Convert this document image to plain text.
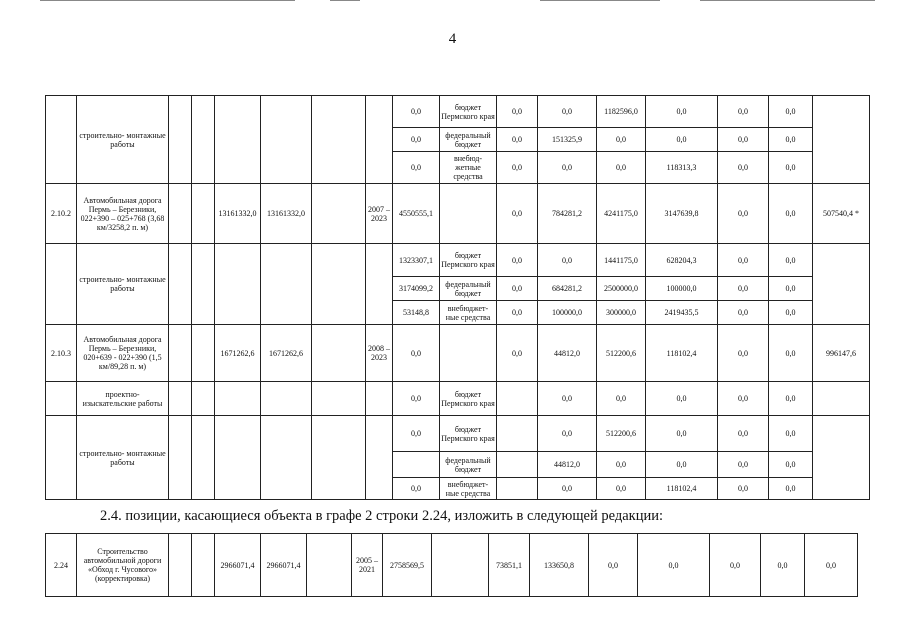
4
	строительно- монтажные работы							0,0	бюджет Пермского края	0,0	0,0	1182596,0	0,0	0,0	0,0	
								0,0	федеральный бюджет	0,0	151325,9	0,0	0,0	0,0	0,0	
								0,0	внебюд- жетные средства	0,0	0,0	0,0	118313,3	0,0	0,0	
2.10.2	Автомобильная дорога Пермь – Березники, 022+390 – 025+768 (3,68 км/3258,2 п. м)			13161332,0	13161332,0		2007 – 2023	4550555,1		0,0	784281,2	4241175,0	3147639,8	0,0	0,0	507540,4 *
	строительно- монтажные работы							1323307,1	бюджет Пермского края	0,0	0,0	1441175,0	628204,3	0,0	0,0	
								3174099,2	федеральный бюджет	0,0	684281,2	2500000,0	100000,0	0,0	0,0	
								53148,8	внебюджет- ные средства	0,0	100000,0	300000,0	2419435,5	0,0	0,0	
2.10.3	Автомобильная дорога Пермь – Березники, 020+639 - 022+390 (1,5 км/89,28 п. м)			1671262,6	1671262,6		2008 – 2023	0,0		0,0	44812,0	512200,6	118102,4	0,0	0,0	996147,6
	проектно- изыскательские работы							0,0	бюджет Пермского края		0,0	0,0	0,0	0,0	0,0	
	строительно- монтажные работы							0,0	бюджет Пермского края		0,0	512200,6	0,0	0,0	0,0	
									федеральный бюджет		44812,0	0,0	0,0	0,0	0,0	
								0,0	внебюджет- ные средства		0,0	0,0	118102,4	0,0	0,0	
2.4. позиции, касающиеся объекта в графе 2 строки 2.24, изложить в следующей редакции:
2.24	Строительство автомобильной дороги «Обход г. Чусового» (корректировка)			2966071,4	2966071,4		2005 – 2021	2758569,5		73851,1	133650,8	0,0	0,0	0,0	0,0	0,0
